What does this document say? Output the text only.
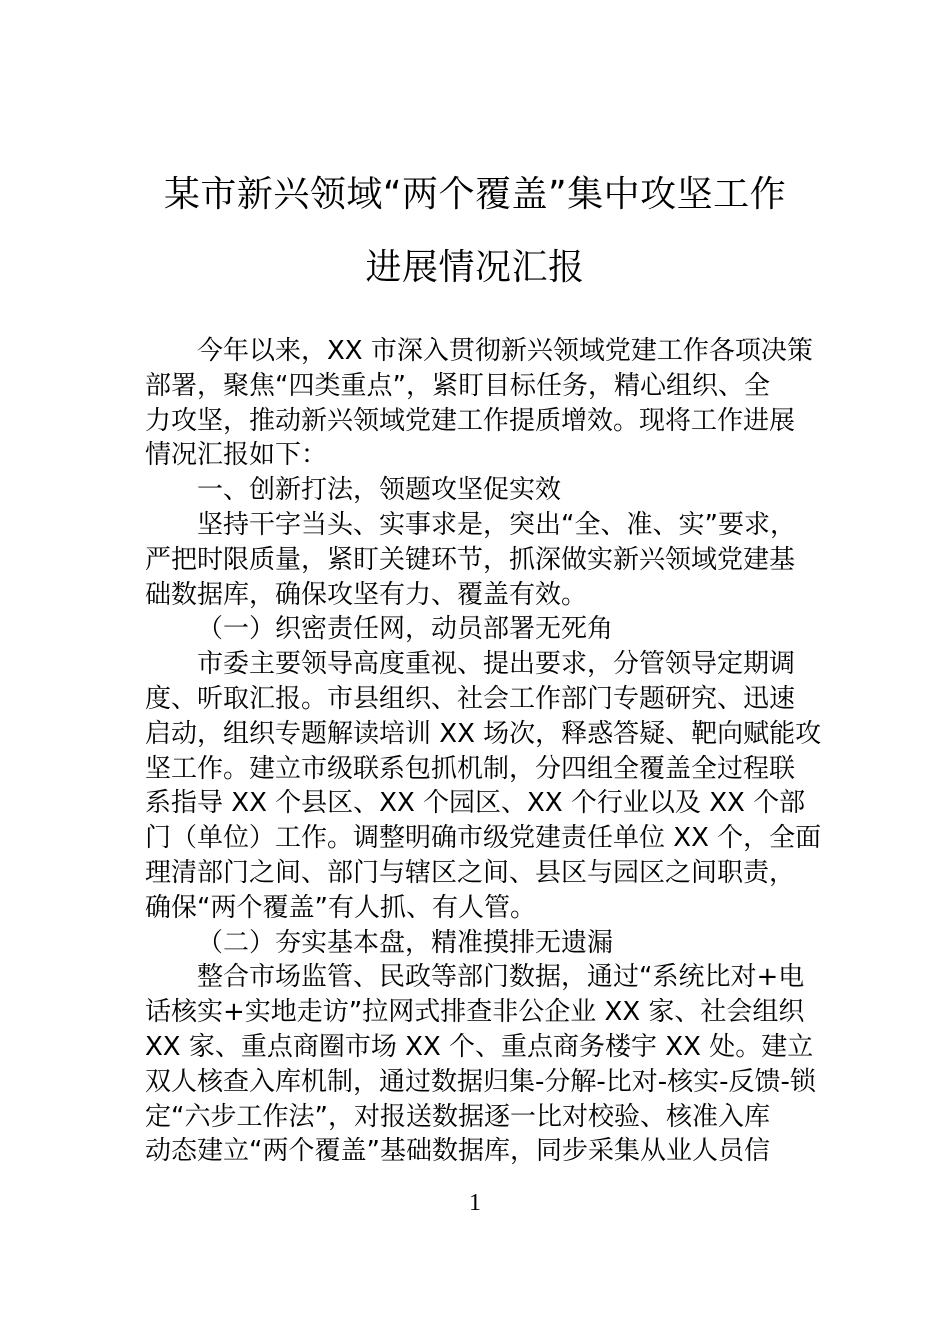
某市新兴领域“两个覆盖”集中攻坚工作
进展情况汇报
今年以来，XX 市深入贯彻新兴领域党建工作各项决策
部署，聚焦“四类重点”，紧盯目标任务，精心组织、全
力攻坚，推动新兴领域党建工作提质增效。现将工作进展
情况汇报如下：
一、创新打法，领题攻坚促实效
坚持干字当头、实事求是，突出“全、准、实”要求，
严把时限质量，紧盯关键环节，抓深做实新兴领域党建基
础数据库，确保攻坚有力、覆盖有效。
（一）织密责任网，动员部署无死角
市委主要领导高度重视、提出要求，分管领导定期调
度、听取汇报。市县组织、社会工作部门专题研究、迅速
启动，组织专题解读培训 XX 场次，释惑答疑、靶向赋能攻
坚工作。建立市级联系包抓机制，分四组全覆盖全过程联
系指导 XX 个县区、XX 个园区、XX 个行业以及 XX 个部
门（单位）工作。调整明确市级党建责任单位 XX 个，全面
理清部门之间、部门与辖区之间、县区与园区之间职责，
确保“两个覆盖”有人抓、有人管。
（二）夯实基本盘，精准摸排无遗漏
整合市场监管、民政等部门数据，通过“系统比对+电
话核实+实地走访”拉网式排查非公企业 XX 家、社会组织
XX 家、重点商圈市场 XX 个、重点商务楼宇 XX 处。建立
双人核查入库机制，通过数据归集-分解-比对-核实-反馈-锁
定“六步工作法”，对报送数据逐一比对校验、核准入库
动态建立“两个覆盖”基础数据库，同步采集从业人员信
1
